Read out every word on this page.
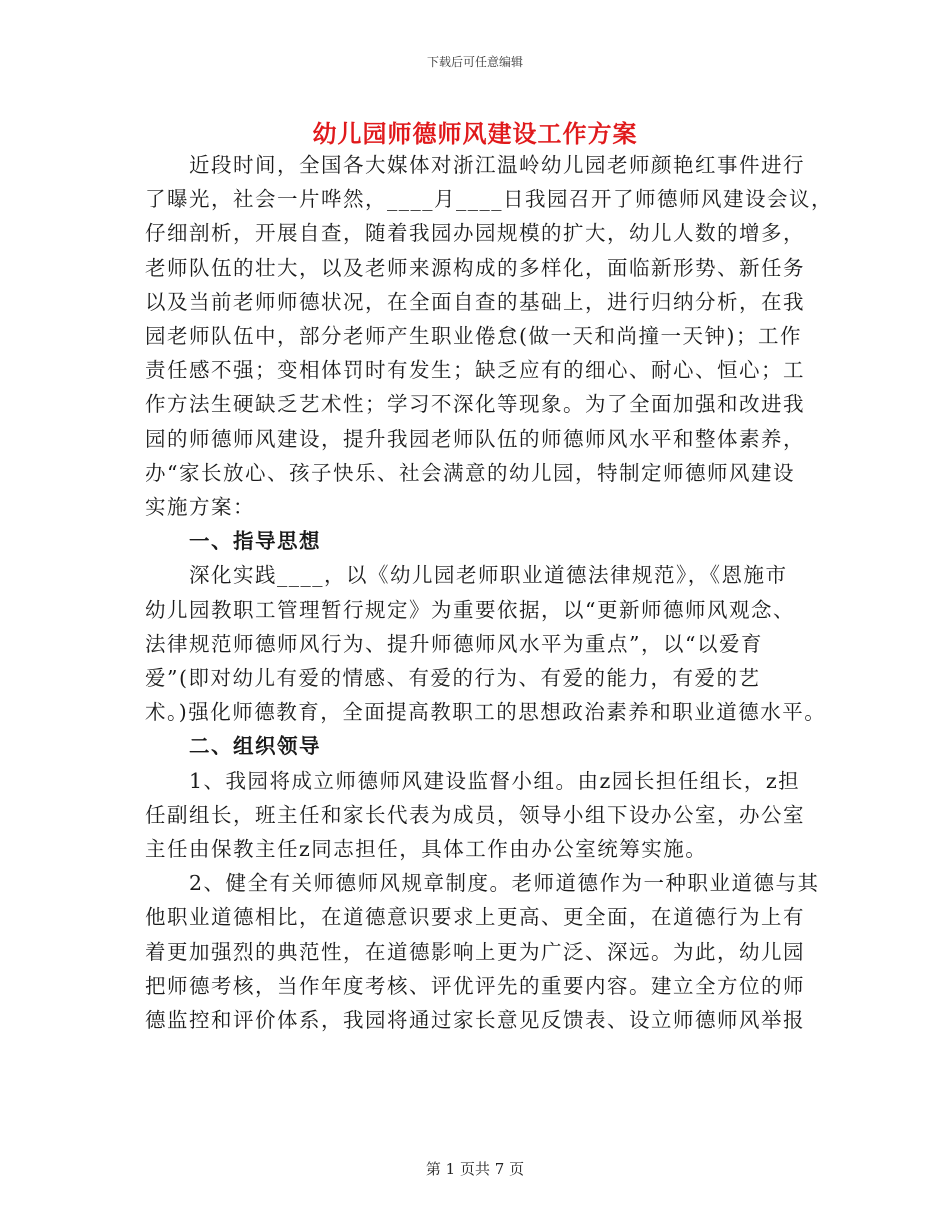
下载后可任意编辑
幼儿园师德师风建设工作方案
　　近段时间，全国各大媒体对浙江温岭幼儿园老师颜艳红事件进行
了曝光，社会一片哗然，____月____日我园召开了师德师风建设会议，
仔细剖析，开展自查，随着我园办园规模的扩大，幼儿人数的增多，
老师队伍的壮大，以及老师来源构成的多样化，面临新形势、新任务
以及当前老师师德状况，在全面自查的基础上，进行归纳分析，在我
园老师队伍中，部分老师产生职业倦怠(做一天和尚撞一天钟)；工作
责任感不强；变相体罚时有发生；缺乏应有的细心、耐心、恒心；工
作方法生硬缺乏艺术性；学习不深化等现象。为了全面加强和改进我
园的师德师风建设，提升我园老师队伍的师德师风水平和整体素养，
办“家长放心、孩子快乐、社会满意的幼儿园，特制定师德师风建设
实施方案：
　　一、指导思想
　　深化实践____，以《幼儿园老师职业道德法律规范》，《恩施市
幼儿园教职工管理暂行规定》为重要依据，以“更新师德师风观念、
法律规范师德师风行为、提升师德师风水平为重点”，以“以爱育
爱”(即对幼儿有爱的情感、有爱的行为、有爱的能力，有爱的艺
术。)强化师德教育，全面提高教职工的思想政治素养和职业道德水平。
　　二、组织领导
　　1、我园将成立师德师风建设监督小组。由z园长担任组长，z担
任副组长，班主任和家长代表为成员，领导小组下设办公室，办公室
主任由保教主任z同志担任，具体工作由办公室统筹实施。
　　2、健全有关师德师风规章制度。老师道德作为一种职业道德与其
他职业道德相比，在道德意识要求上更高、更全面，在道德行为上有
着更加强烈的典范性，在道德影响上更为广泛、深远。为此，幼儿园
把师德考核，当作年度考核、评优评先的重要内容。建立全方位的师
德监控和评价体系，我园将通过家长意见反馈表、设立师德师风举报
第 1 页共 7 页
